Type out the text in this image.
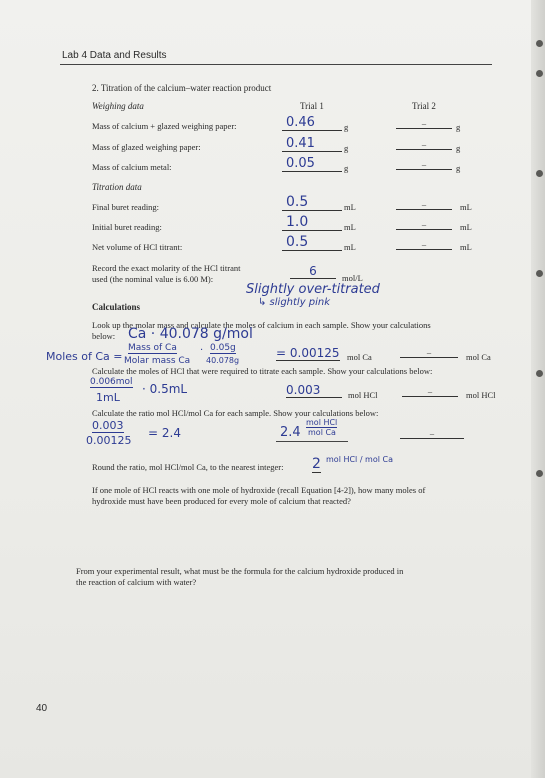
Lab 4 Data and Results
2. Titration of the calcium–water reaction product
Weighing data	Trial 1	Trial 2
Mass of calcium + glazed weighing paper:	0.46	g	–	g
Mass of glazed weighing paper:	0.41	g	–	g
Mass of calcium metal:	0.05	g	–	g
Titration data
Final buret reading:	0.5	mL	–	mL
Initial buret reading:	1.0	mL	–	mL
Net volume of HCl titrant:	0.5	mL	–	mL
Record the exact molarity of the HCl titrant
used (the nominal value is 6.00 M):
6	mol/L
Slightly over-titrated
↳ slightly pink
Calculations
Look up the molar mass and calculate the moles of calcium in each sample. Show your calculations
below: Ca · 40.078 g/mol
Moles of Ca =
Mass of Ca
Molar mass Ca
· 0.05g
40.078g
= 0.00125 mol Ca	–	mol Ca
Calculate the moles of HCl that were required to titrate each sample. Show your calculations below:
0.006mol
1mL
· 0.5mL	0.003	mol HCl	–	mol HCl
Calculate the ratio mol HCl/mol Ca for each sample. Show your calculations below:
0.003
0.00125
= 2.4	2.4
mol HCl
mol Ca	–
Round the ratio, mol HCl/mol Ca, to the nearest integer: 2 mol HCl / mol Ca
If one mole of HCl reacts with one mole of hydroxide (recall Equation [4-2]), how many moles of
hydroxide must have been produced for every mole of calcium that reacted?
From your experimental result, what must be the formula for the calcium hydroxide produced in
the reaction of calcium with water?
40
